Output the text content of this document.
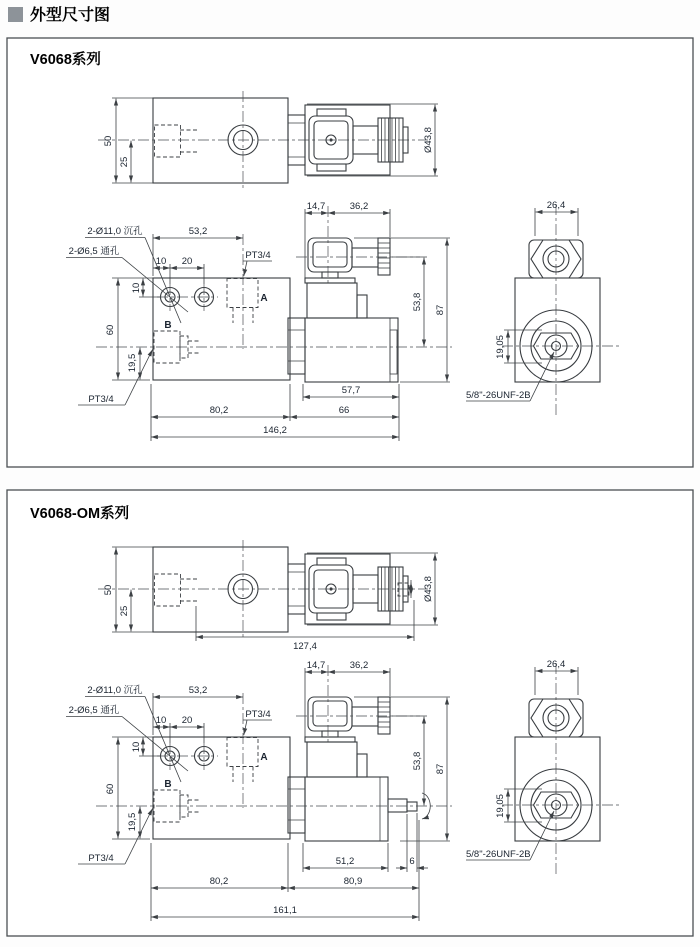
外型尺寸图
V6068系列
50
25
Ø43,8
2-Ø11,0 沉孔
2-Ø6,5 通孔
53,2
10 20
PT3/4
A
10
60	B
19,5
PT3/4
14,7	36,2
53,8 87
57,7
80,2	66
146,2
26,4
19,05
5/8"-26UNF-2B
V6068-OM系列
50
25
Ø43,8
127,4
2-Ø11,0 沉孔
2-Ø6,5 通孔
53,2
10 20
PT3/4
A
10
60	B
19,5
PT3/4
14,7	36,2
53,8 87
51,2	6
80,2	80,9
161,1
26,4
19,05
5/8"-26UNF-2B
